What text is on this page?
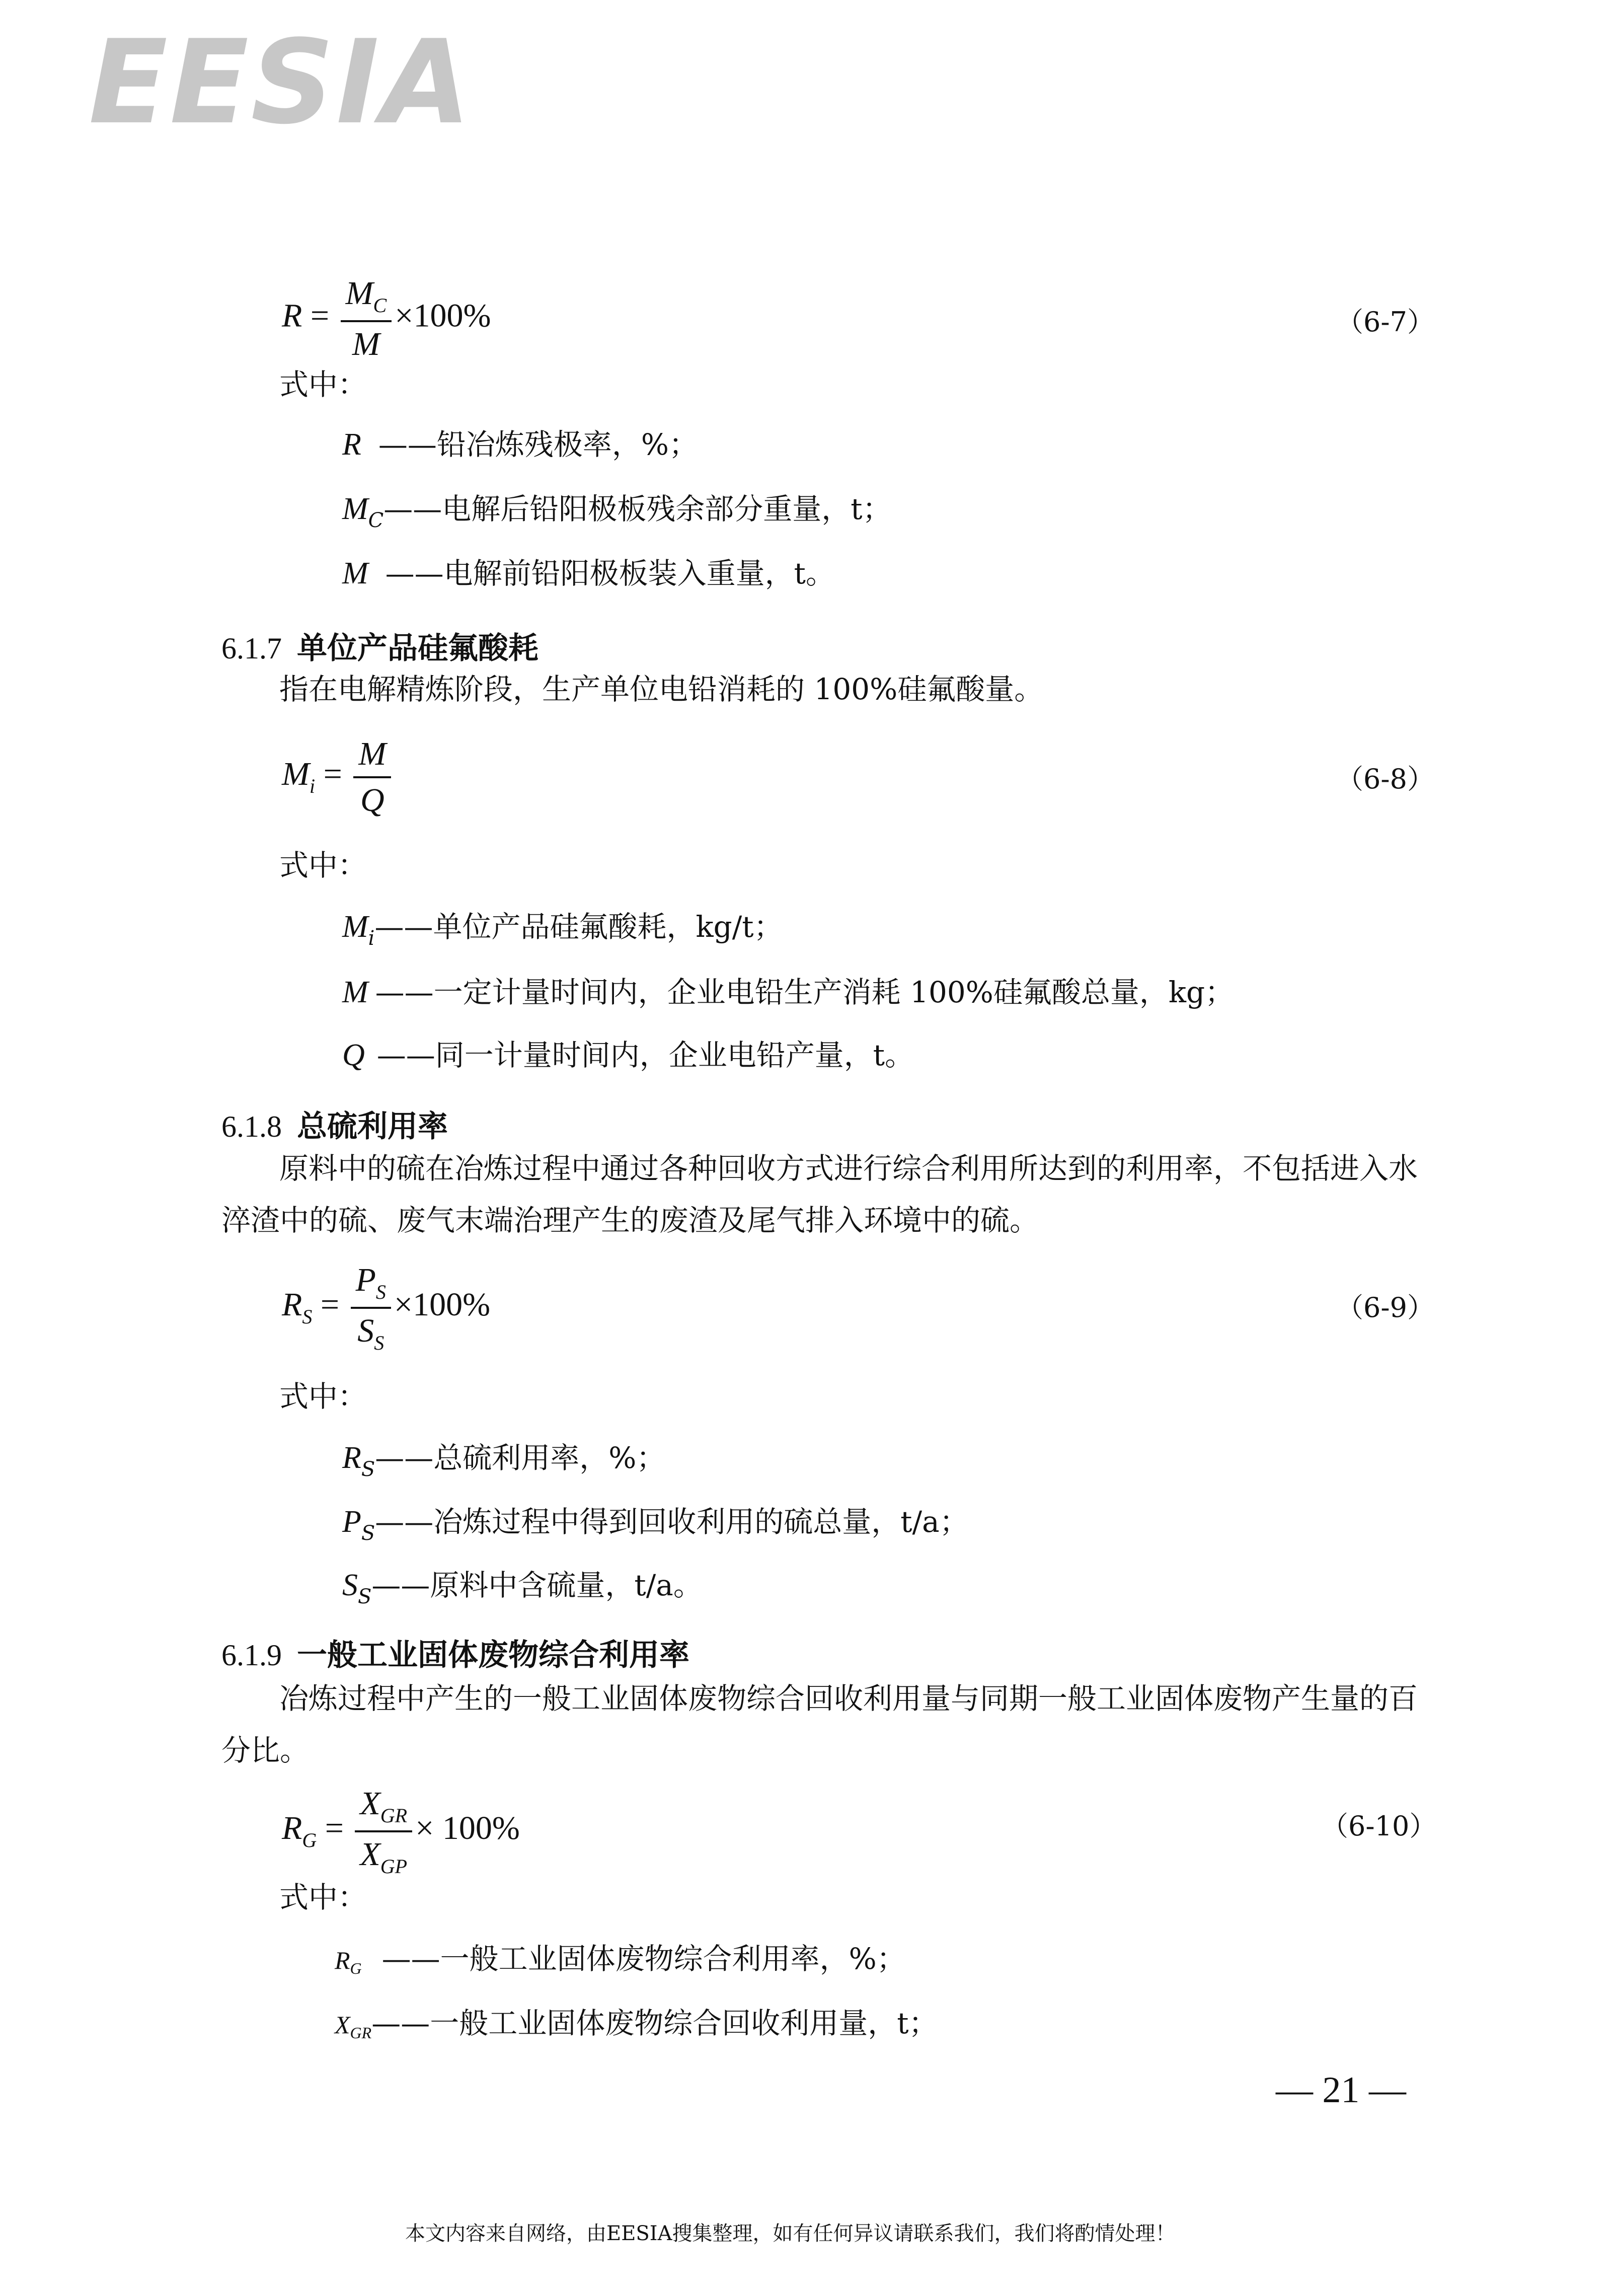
EESIA
$R = \frac{M_C}{M} \times 100\%$	（6-7）
式中：
R ——铅冶炼残极率，%；
$M_C——$电解后铅阳极板残余部分重量，t；
M ——电解前铅阳极板装入重量，t。
6.1.7 单位产品硅氟酸耗
指在电解精炼阶段，生产单位电铅消耗的 100%硅氟酸量。
$M_i = \frac{M}{Q}$	（6-8）
式中：
$M_i——$单位产品硅氟酸耗，kg/t；
M ——一定计量时间内，企业电铅生产消耗 100%硅氟酸总量，kg；
Q ——同一计量时间内，企业电铅产量，t。
6.1.8 总硫利用率
原料中的硫在冶炼过程中通过各种回收方式进行综合利用所达到的利用率，不包括进入水
淬渣中的硫、废气末端治理产生的废渣及尾气排入环境中的硫。
$R_S = \frac{P_S}{S_S} \times 100\%$	（6-9）
式中：
$R_S——$总硫利用率，%；
$P_S——$冶炼过程中得到回收利用的硫总量，t/a；
$S_S——$原料中含硫量，t/a。
6.1.9 一般工业固体废物综合利用率
冶炼过程中产生的一般工业固体废物综合回收利用量与同期一般工业固体废物产生量的百
分比。
$R_G = \frac{X_{GR}}{X_{GP}} \times 100\%$	（6-10）
式中：
RG ——一般工业固体废物综合利用率，%；
XGR——一般工业固体废物综合回收利用量，t；
— 21 —
本文内容来自网络，由EESIA搜集整理，如有任何异议请联系我们，我们将酌情处理！
